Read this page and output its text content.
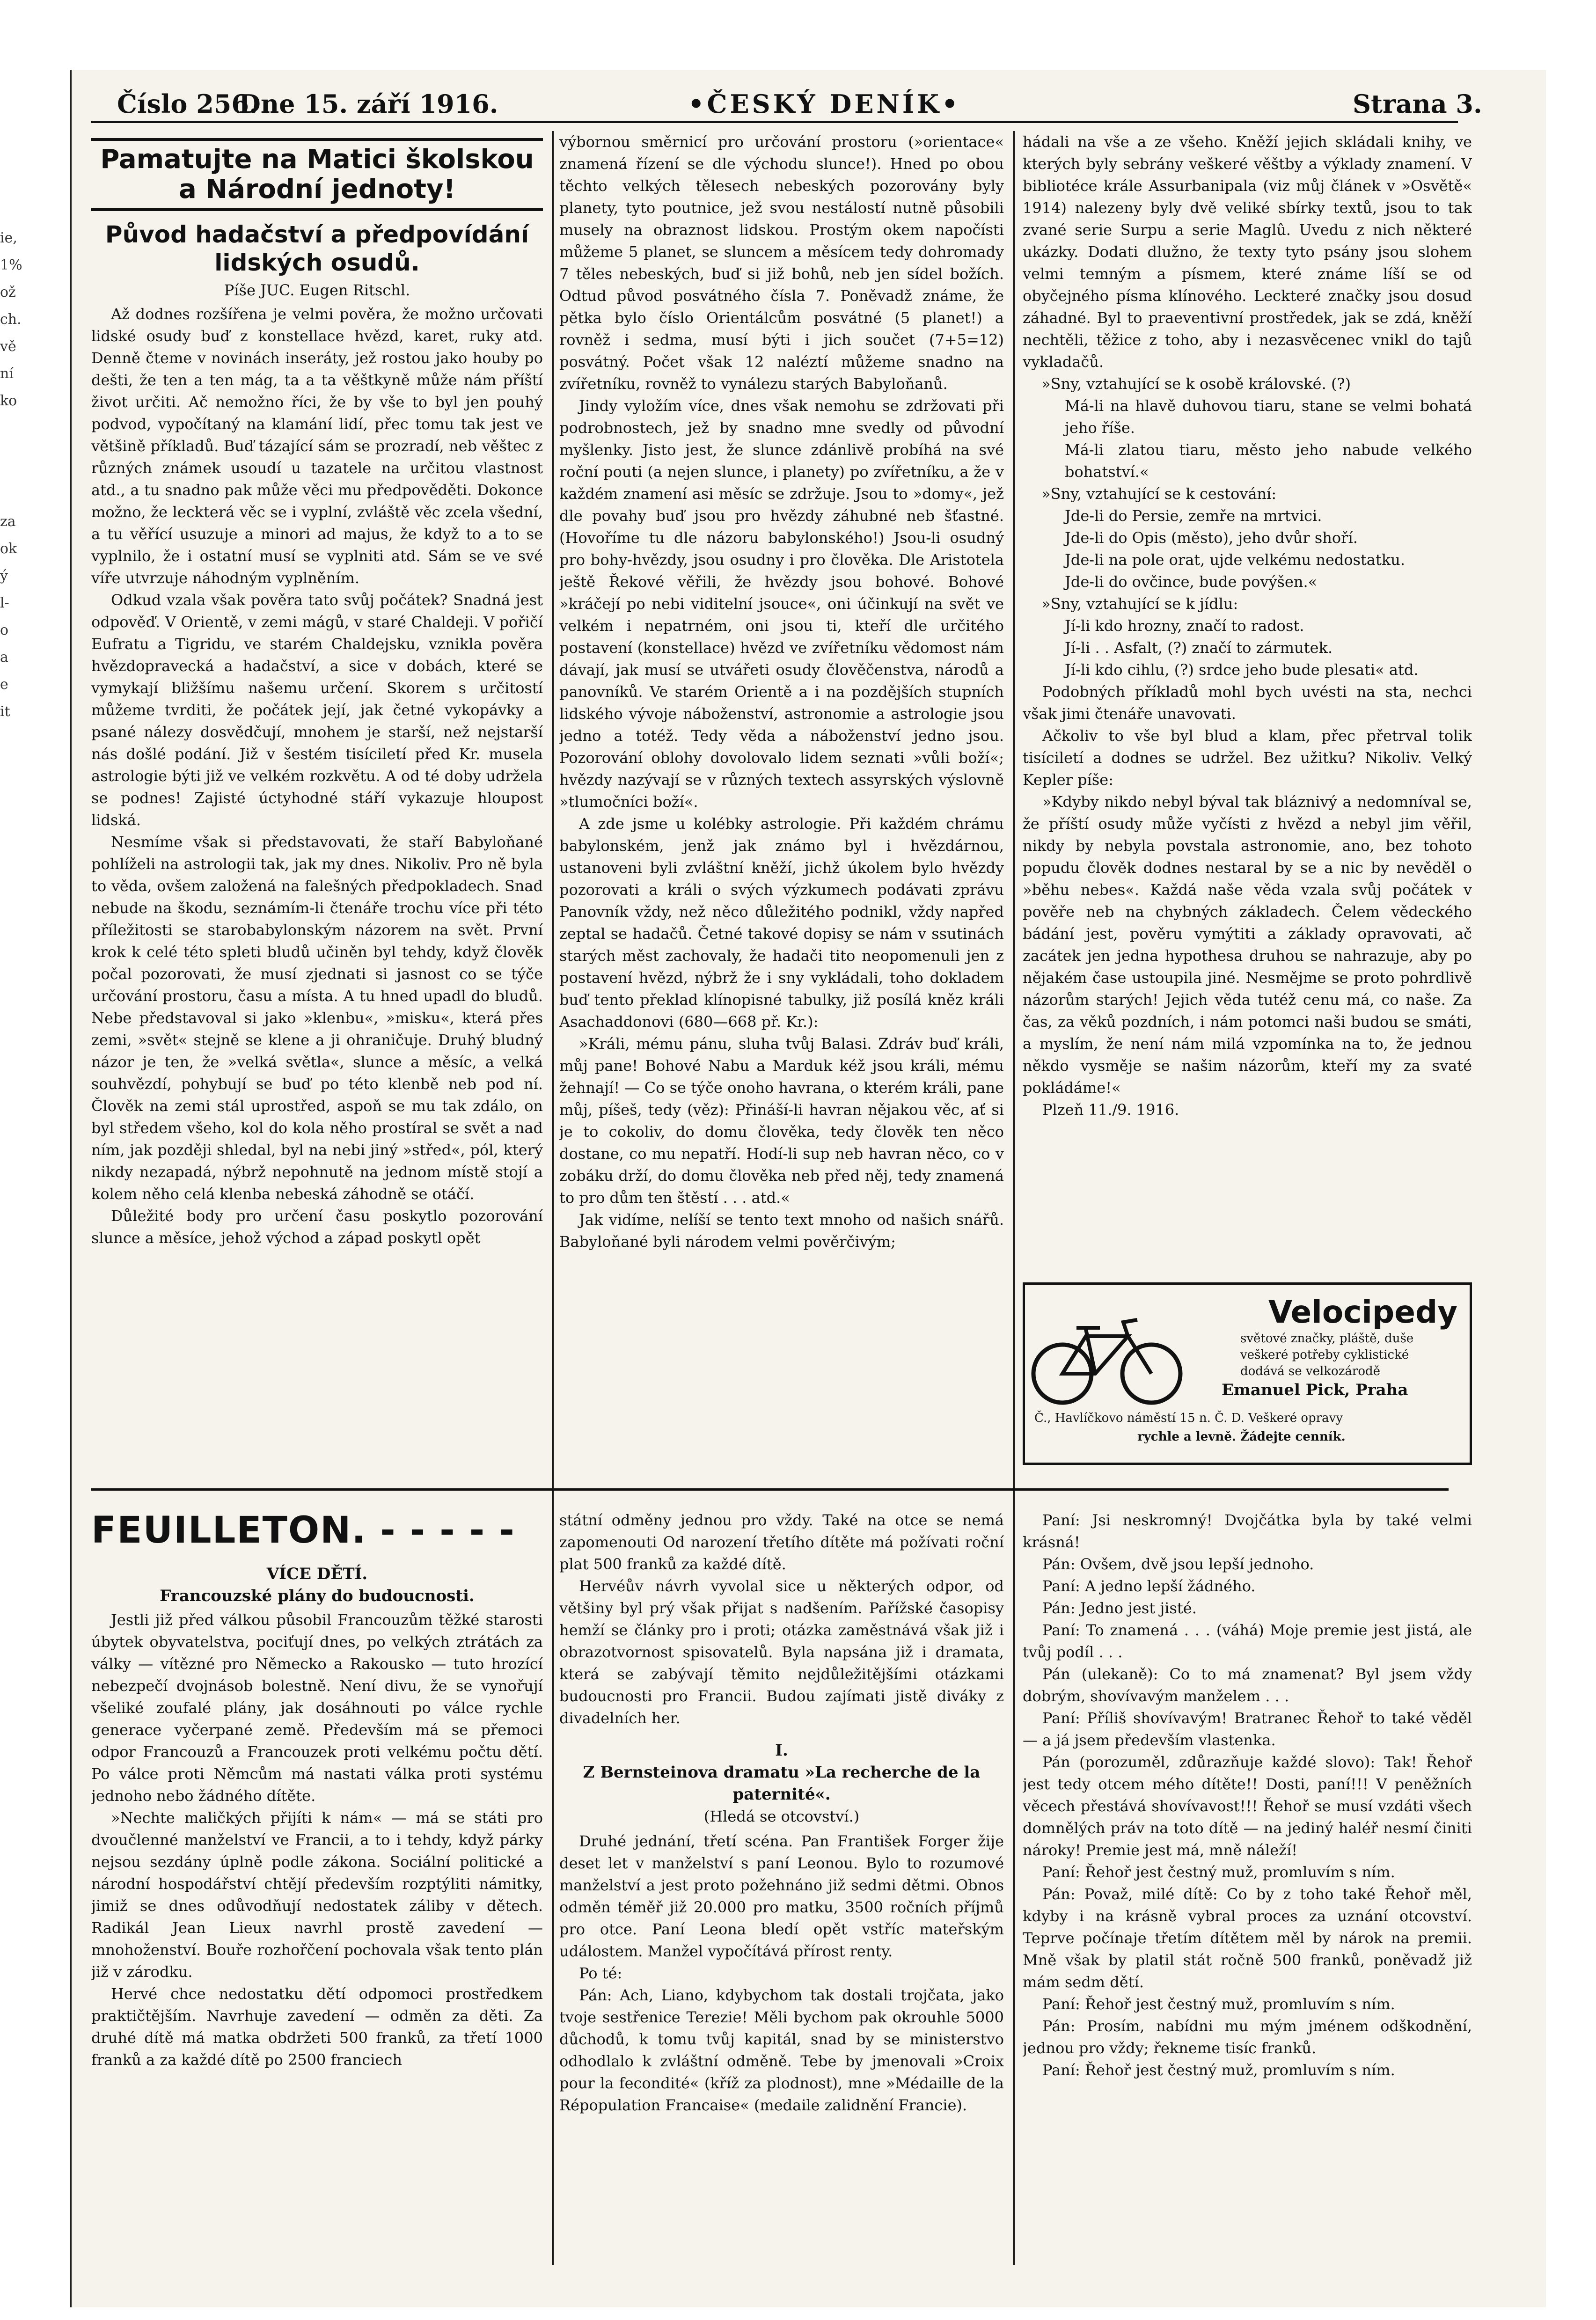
ie,
1%
ož
ch.
vě
ní
ko
za
ok
ý
l-
o
a
e
it
Číslo 256.
Dne 15. září 1916.	•ČESKÝ DENÍK•	Strana 3.
Pamatujte na Matici školskou a Národní jednoty!
Původ hadačství a předpovídání lidských osudů.
Píše JUC. Eugen Ritschl.

Až dodnes rozšířena je velmi pověra, že možno určovati lidské osudy buď z konstellace hvězd, karet, ruky atd. Denně čteme v novinách inseráty, jež rostou jako houby po dešti, že ten a ten mág, ta a ta věštkyně může nám příští život určiti. Ač nemožno říci, že by vše to byl jen pouhý podvod, vypočítaný na klamání lidí, přec tomu tak jest ve většině příkladů. Buď tázající sám se prozradí, neb věštec z různých známek usoudí u tazatele na určitou vlastnost atd., a tu snadno pak může věci mu předpověděti. Dokonce možno, že leckterá věc se i vyplní, zvláště věc zcela všední, a tu věřící usuzuje a minori ad majus, že když to a to se vyplnilo, že i ostatní musí se vyplniti atd. Sám se ve své víře utvrzuje náhodným vyplněním.

Odkud vzala však pověra tato svůj počátek? Snadná jest odpověď. V Orientě, v zemi mágů, v staré Chaldeji. V pořičí Eufratu a Tigridu, ve starém Chaldejsku, vznikla pověra hvězdopravecká a hadačství, a sice v dobách, které se vymykají bližšímu našemu určení. Skorem s určitostí můžeme tvrditi, že počátek její, jak četné vykopávky a psané nálezy dosvědčují, mnohem je starší, než nejstarší nás došlé podání. Již v šestém tisíciletí před Kr. musela astrologie býti již ve velkém rozkvětu. A od té doby udržela se podnes! Zajisté úctyhodné stáří vykazuje hloupost lidská.

Nesmíme však si představovati, že staří Babyloňané pohlíželi na astrologii tak, jak my dnes. Nikoliv. Pro ně byla to věda, ovšem založená na falešných předpokladech. Snad nebude na škodu, seznámím-li čtenáře trochu více při této příležitosti se starobabylonským názorem na svět. První krok k celé této spleti bludů učiněn byl tehdy, když člověk počal pozorovati, že musí zjednati si jasnost co se týče určování prostoru, času a místa. A tu hned upadl do bludů. Nebe představoval si jako »klenbu«, »misku«, která přes zemi, »svět« stejně se klene a ji ohraničuje. Druhý bludný názor je ten, že »velká světla«, slunce a měsíc, a velká souhvězdí, pohybují se buď po této klenbě neb pod ní. Člověk na zemi stál uprostřed, aspoň se mu tak zdálo, on byl středem všeho, kol do kola něho prostíral se svět a nad ním, jak později shledal, byl na nebi jiný »střed«, pól, který nikdy nezapadá, nýbrž nepohnutě na jednom místě stojí a kolem něho celá klenba nebeská záhodně se otáčí.

Důležité body pro určení času poskytlo pozorování slunce a měsíce, jehož východ a západ poskytl opět

FEUILLETON. - - - - -
VÍCE DĚTÍ.
Francouzské plány do budoucnosti.

Jestli již před válkou působil Francouzům těžké starosti úbytek obyvatelstva, pociťují dnes, po velkých ztrátách za války — vítězné pro Německo a Rakousko — tuto hrozící nebezpečí dvojnásob bolestně. Není divu, že se vynořují všeliké zoufalé plány, jak dosáhnouti po válce rychle generace vyčerpané země. Především má se přemoci odpor Francouzů a Francouzek proti velkému počtu dětí. Po válce proti Němcům má nastati válka proti systému jednoho nebo žádného dítěte.

»Nechte maličkých přijíti k nám« — má se státi pro dvoučlenné manželství ve Francii, a to i tehdy, když párky nejsou sezdány úplně podle zákona. Sociální politické a národní hospodářství chtějí především rozptýliti námitky, jimiž se dnes odůvodňují nedostatek záliby v dětech. Radikál Jean Lieux navrhl prostě zavedení — mnohoženství. Bouře rozhořčení pochovala však tento plán již v zárodku.

Hervé chce nedostatku dětí odpomoci prostředkem praktičtějším. Navrhuje zavedení — odměn za děti. Za druhé dítě má matka obdržeti 500 franků, za třetí 1000 franků a za každé dítě po 2500 franciech

výbornou směrnicí pro určování prostoru (»orientace« znamená řízení se dle východu slunce!). Hned po obou těchto velkých tělesech nebeských pozorovány byly planety, tyto poutnice, jež svou nestálostí nutně působili musely na obraznost lidskou. Prostým okem napočísti můžeme 5 planet, se sluncem a měsícem tedy dohromady 7 těles nebeských, buď si již bohů, neb jen sídel božích. Odtud původ posvátného čísla 7. Poněvadž známe, že pětka bylo číslo Orientálcům posvátné (5 planet!) a rovněž i sedma, musí býti i jich součet (7+5=12) posvátný. Počet však 12 naléztí můžeme snadno na zvířetníku, rovněž to vynálezu starých Babyloňanů.

Jindy vyložím více, dnes však nemohu se zdržovati při podrobnostech, jež by snadno mne svedly od původní myšlenky. Jisto jest, že slunce zdánlivě probíhá na své roční pouti (a nejen slunce, i planety) po zvířetníku, a že v každém znamení asi měsíc se zdržuje. Jsou to »domy«, jež dle povahy buď jsou pro hvězdy záhubné neb šťastné. (Hovoříme tu dle názoru babylonského!) Jsou-li osudný pro bohy-hvězdy, jsou osudny i pro člověka. Dle Aristotela ještě Řekové věřili, že hvězdy jsou bohové. Bohové »kráčejí po nebi viditelní jsouce«, oni účinkují na svět ve velkém i nepatrném, oni jsou ti, kteří dle určitého postavení (konstellace) hvězd ve zvířetníku vědomost nám dávají, jak musí se utvářeti osudy člověčenstva, národů a panovníků. Ve starém Orientě a i na pozdějších stupních lidského vývoje náboženství, astronomie a astrologie jsou jedno a totéž. Tedy věda a náboženství jedno jsou. Pozorování oblohy dovolovalo lidem seznati »vůli boží«; hvězdy nazývají se v různých textech assyrských výslovně »tlumočníci boží«.

A zde jsme u kolébky astrologie. Při každém chrámu babylonském, jenž jak známo byl i hvězdárnou, ustanoveni byli zvláštní kněží, jichž úkolem bylo hvězdy pozorovati a králi o svých výzkumech podávati zprávu Panovník vždy, než něco důležitého podnikl, vždy napřed zeptal se hadačů. Četné takové dopisy se nám v ssutinách starých měst zachovaly, že hadači tito neopomenuli jen z postavení hvězd, nýbrž že i sny vykládali, toho dokladem buď tento překlad klínopisné tabulky, již posílá kněz králi Asachaddonovi (680—668 př. Kr.):

»Králi, mému pánu, sluha tvůj Balasi. Zdráv buď králi, můj pane! Bohové Nabu a Marduk kéž jsou králi, mému žehnají! — Co se týče onoho havrana, o kterém králi, pane můj, píšeš, tedy (věz): Přináší-li havran nějakou věc, ať si je to cokoliv, do domu člověka, tedy člověk ten něco dostane, co mu nepatří. Hodí-li sup neb havran něco, co v zobáku drží, do domu člověka neb před něj, tedy znamená to pro dům ten štěstí . . . atd.«

Jak vidíme, nelíší se tento text mnoho od našich snářů. Babyloňané byli národem velmi pověrčivým;

státní odměny jednou pro vždy. Také na otce se nemá zapomenouti Od narození třetího dítěte má požívati roční plat 500 franků za každé dítě.

Hervéův návrh vyvolal sice u některých odpor, od většiny byl prý však přijat s nadšením. Pařížské časopisy hemží se články pro i proti; otázka zaměstnává však již i obrazotvornost spisovatelů. Byla napsána již i dramata, která se zabývají těmito nejdůležitějšími otázkami budoucnosti pro Francii. Budou zajímati jistě diváky z divadelních her.

I.
Z Bernsteinova dramatu »La recherche de la paternité«.
(Hledá se otcovství.)

Druhé jednání, třetí scéna. Pan František Forger žije deset let v manželství s paní Leonou. Bylo to rozumové manželství a jest proto požehnáno již sedmi dětmi. Obnos odměn téměř již 20.000 pro matku, 3500 ročních příjmů pro otce. Paní Leona bledí opět vstříc mateřským událostem. Manžel vypočítává přírost renty.

Po té:

Pán: Ach, Liano, kdybychom tak dostali trojčata, jako tvoje sestřenice Terezie! Měli bychom pak okrouhle 5000 důchodů, k tomu tvůj kapitál, snad by se ministerstvo odhodlalo k zvláštní odměně. Tebe by jmenovali »Croix pour la fecondité« (kříž za plodnost), mne »Médaille de la Répopulation Francaise« (medaile zalidnění Francie).

hádali na vše a ze všeho. Kněží jejich skládali knihy, ve kterých byly sebrány veškeré věštby a výklady znamení. V bibliotéce krále Assurbanipala (viz můj článek v »Osvětě« 1914) nalezeny byly dvě veliké sbírky textů, jsou to tak zvané serie Surpu a serie Maglû. Uvedu z nich některé ukázky. Dodati dlužno, že texty tyto psány jsou slohem velmi temným a písmem, které známe líší se od obyčejného písma klínového. Leckteré značky jsou dosud záhadné. Byl to praeventivní prostředek, jak se zdá, kněží nechtěli, těžice z toho, aby i nezasvěcenec vnikl do tajů vykladačů.

»Sny, vztahující se k osobě královské. (?)

Má-li na hlavě duhovou tiaru, stane se velmi bohatá jeho říše.

Má-li zlatou tiaru, město jeho nabude velkého bohatství.«

»Sny, vztahující se k cestování:

Jde-li do Persie, zemře na mrtvici.

Jde-li do Opis (město), jeho dvůr shoří.

Jde-li na pole orat, ujde velkému nedostatku.

Jde-li do ovčince, bude povýšen.«

»Sny, vztahující se k jídlu:

Jí-li kdo hrozny, značí to radost.

Jí-li . . Asfalt, (?) značí to zármutek.

Jí-li kdo cihlu, (?) srdce jeho bude plesati« atd.

Podobných příkladů mohl bych uvésti na sta, nechci však jimi čtenáře unavovati.

Ačkoliv to vše byl blud a klam, přec přetrval tolik tisíciletí a dodnes se udržel. Bez užitku? Nikoliv. Velký Kepler píše:

»Kdyby nikdo nebyl býval tak bláznivý a nedomníval se, že příští osudy může vyčísti z hvězd a nebyl jim věřil, nikdy by nebyla povstala astronomie, ano, bez tohoto popudu člověk dodnes nestaral by se a nic by nevěděl o »běhu nebes«. Každá naše věda vzala svůj počátek v pověře neb na chybných základech. Čelem vědeckého bádání jest, pověru vymýtiti a základy opravovati, ač zacátek jen jedna hypothesa druhou se nahrazuje, aby po nějakém čase ustoupila jiné. Nesmějme se proto pohrdlivě názorům starých! Jejich věda tutéž cenu má, co naše. Za čas, za věků pozdních, i nám potomci naši budou se smáti, a myslím, že není nám milá vzpomínka na to, že jednou někdo vysměje se našim názorům, kteří my za svaté pokládáme!«

Plzeň 11./9. 1916.

Velocipedy
světové značky, pláště, duše
veškeré potřeby cyklistické
dodává se velkozárodě
Emanuel Pick, Praha
Č., Havlíčkovo náměstí 15 n. Č. D. Veškeré opravy
rychle a levně. Žádejte cenník.

Paní: Jsi neskromný! Dvojčátka byla by také velmi krásná!

Pán: Ovšem, dvě jsou lepší jednoho.

Paní: A jedno lepší žádného.

Pán: Jedno jest jisté.

Paní: To znamená . . . (váhá) Moje premie jest jistá, ale tvůj podíl . . .

Pán (ulekaně): Co to má znamenat? Byl jsem vždy dobrým, shovívavým manželem . . .

Paní: Příliš shovívavým! Bratranec Řehoř to také věděl — a já jsem především vlastenka.

Pán (porozuměl, zdůrazňuje každé slovo): Tak! Řehoř jest tedy otcem mého dítěte!! Dosti, paní!!! V peněžních věcech přestává shovívavost!!! Řehoř se musí vzdáti všech domnělých práv na toto dítě — na jediný haléř nesmí činiti nároky! Premie jest má, mně náleží!

Paní: Řehoř jest čestný muž, promluvím s ním.

Pán: Považ, milé dítě: Co by z toho také Řehoř měl, kdyby i na krásně vybral proces za uznání otcovství. Teprve počínaje třetím dítětem měl by nárok na premii. Mně však by platil stát ročně 500 franků, poněvadž již mám sedm dětí.

Paní: Řehoř jest čestný muž, promluvím s ním.

Pán: Prosím, nabídni mu mým jménem odškodnění, jednou pro vždy; řekneme tisíc franků.

Paní: Řehoř jest čestný muž, promluvím s ním.
